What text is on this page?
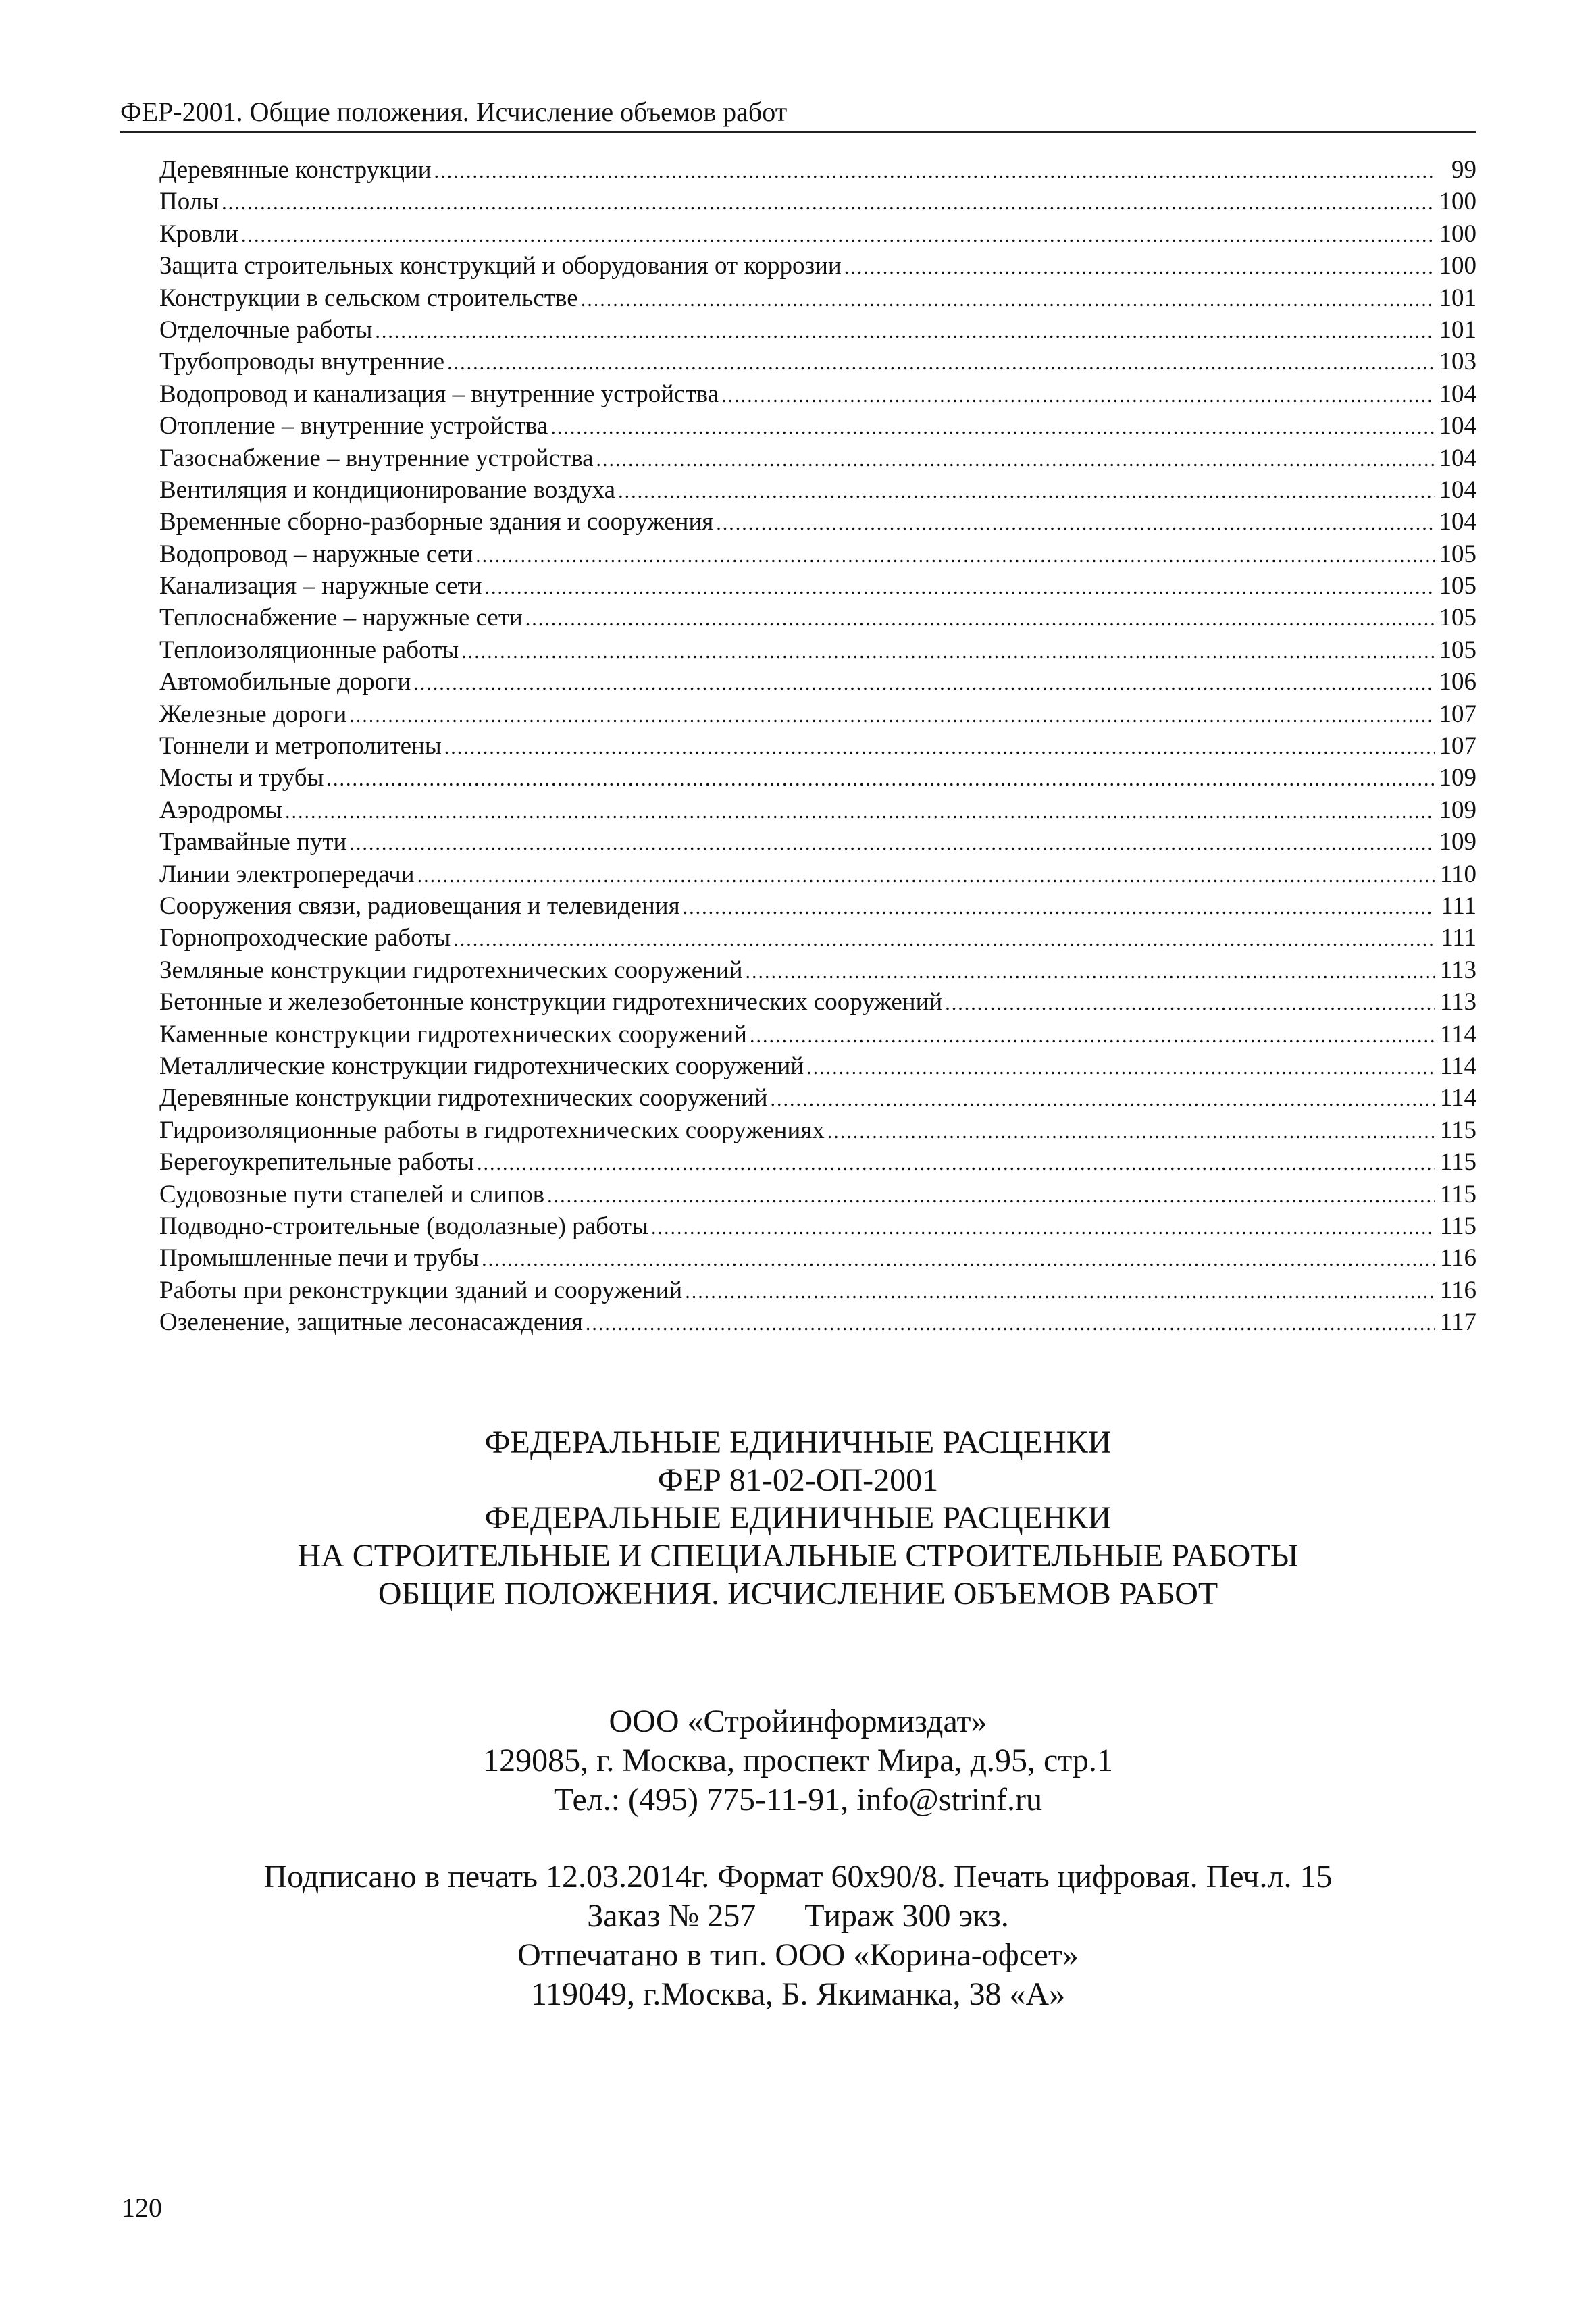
ФЕР-2001. Общие положения. Исчисление объемов работ
Деревянные конструкции .....	99
Полы .....	100
Кровли .....	100
Защита строительных конструкций и оборудования от коррозии .....	100
Конструкции в сельском строительстве .....	101
Отделочные работы .....	101
Трубопроводы внутренние .....	103
Водопровод и канализация – внутренние устройства .....	104
Отопление – внутренние устройства .....	104
Газоснабжение – внутренние устройства .....	104
Вентиляция и кондиционирование воздуха .....	104
Временные сборно-разборные здания и сооружения .....	104
Водопровод – наружные сети .....	105
Канализация – наружные сети .....	105
Теплоснабжение – наружные сети .....	105
Теплоизоляционные работы .....	105
Автомобильные дороги .....	106
Железные дороги .....	107
Тоннели и метрополитены .....	107
Мосты и трубы .....	109
Аэродромы .....	109
Трамвайные пути .....	109
Линии электропередачи .....	110
Сооружения связи, радиовещания и телевидения .....	111
Горнопроходческие работы .....	111
Земляные конструкции гидротехнических сооружений .....	113
Бетонные и железобетонные конструкции гидротехнических сооружений .....	113
Каменные конструкции гидротехнических сооружений .....	114
Металлические конструкции гидротехнических сооружений .....	114
Деревянные конструкции гидротехнических сооружений .....	114
Гидроизоляционные работы в гидротехнических сооружениях .....	115
Берегоукрепительные работы .....	115
Судовозные пути стапелей и слипов .....	115
Подводно-строительные (водолазные) работы .....	115
Промышленные печи и трубы .....	116
Работы при реконструкции зданий и сооружений .....	116
Озеленение, защитные лесонасаждения .....	117
ФЕДЕРАЛЬНЫЕ ЕДИНИЧНЫЕ РАСЦЕНКИ
ФЕР 81-02-ОП-2001
ФЕДЕРАЛЬНЫЕ ЕДИНИЧНЫЕ РАСЦЕНКИ
НА СТРОИТЕЛЬНЫЕ И СПЕЦИАЛЬНЫЕ СТРОИТЕЛЬНЫЕ РАБОТЫ
ОБЩИЕ ПОЛОЖЕНИЯ. ИСЧИСЛЕНИЕ ОБЪЕМОВ РАБОТ
ООО «Стройинформиздат»
129085, г. Москва, проспект Мира, д.95, стр.1
Тел.: (495) 775-11-91, info@strinf.ru
Подписано в печать 12.03.2014г. Формат 60x90/8. Печать цифровая. Печ.л. 15
Заказ № 257 Тираж 300 экз.
Отпечатано в тип. ООО «Корина-офсет»
119049, г.Москва, Б. Якиманка, 38 «А»
120
